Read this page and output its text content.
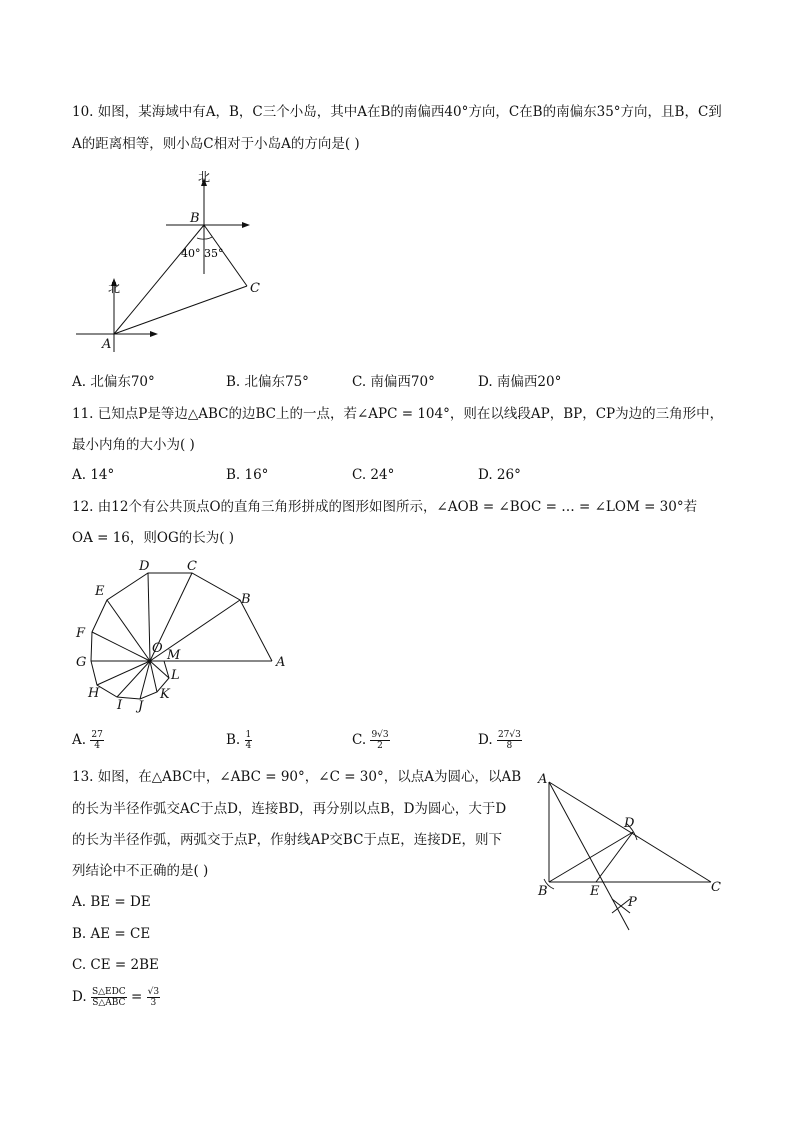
10. 如图，某海域中有A，B，C三个小岛，其中A在B的南偏西40°方向，C在B的南偏东35°方向，且B，C到
A的距离相等，则小岛C相对于小岛A的方向是( )
北
北
B
A
C
40° 35°
A. 北偏东70°	B. 北偏东75°	C. 南偏西70°	D. 南偏西20°
11. 已知点P是等边△ABC的边BC上的一点，若∠APC = 104°，则在以线段AP，BP，CP为边的三角形中，
最小内角的大小为( )
A. 14°	B. 16°	C. 24°	D. 26°
12. 由12个有公共顶点O的直角三角形拼成的图形如图所示，∠AOB = ∠BOC = … = ∠LOM = 30°若
OA = 16，则OG的长为( )
A
B
C
D
E
F
G
H
I J
K
L
M
O
A. $\frac{27}{4}$	B. $\frac{1}{4}$	C. $\frac{9√3}{2}$	D. $\frac{27√3}{8}$
13. 如图，在△ABC中，∠ABC = 90°，∠C = 30°，以点A为圆心，以AB
的长为半径作弧交AC于点D，连接BD，再分别以点B，D为圆心，大于D
的长为半径作弧，两弧交于点P，作射线AP交BC于点E，连接DE，则下
列结论中不正确的是( )
A
B	C
D
E
P
A. BE = DE
B. AE = CE
C. CE = 2BE
D. $\frac{\text{S△EDC}}{\text{S△ABC}} = \frac{√3}{3}$
